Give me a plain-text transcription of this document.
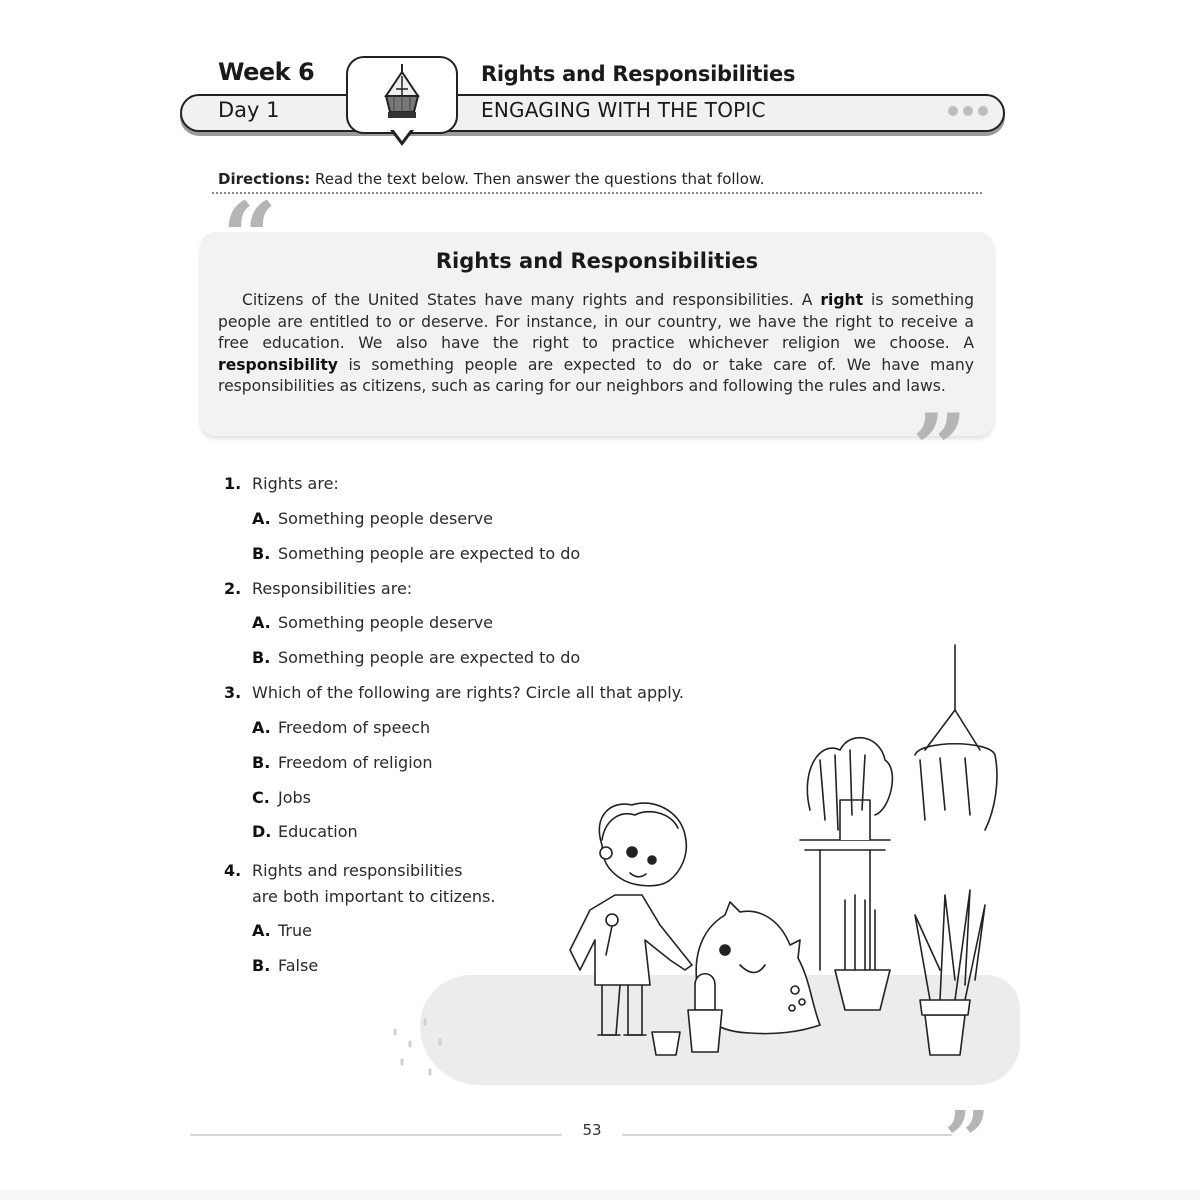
Week 6
Day 1
Rights and Responsibilities
ENGAGING WITH THE TOPIC
Directions: Read the text below. Then answer the questions that follow.
“
”
Rights and Responsibilities

Citizens of the United States have many rights and responsibilities. A right is something people are entitled to or deserve. For instance, in our country, we have the right to receive a free education. We also have the right to practice whichever religion we choose. A responsibility is something people are expected to do or take care of. We have many responsibilities as citizens, such as caring for our neighbors and following the rules and laws.

1. Rights are:
A. Something people deserve
B. Something people are expected to do
2. Responsibilities are:
A. Something people deserve
B. Something people are expected to do
3. Which of the following are rights? Circle all that apply.
A. Freedom of speech
B. Freedom of religion
C. Jobs
D. Education
4. Rights and responsibilities
are both important to citizens.
A. True
B. False
53	”
